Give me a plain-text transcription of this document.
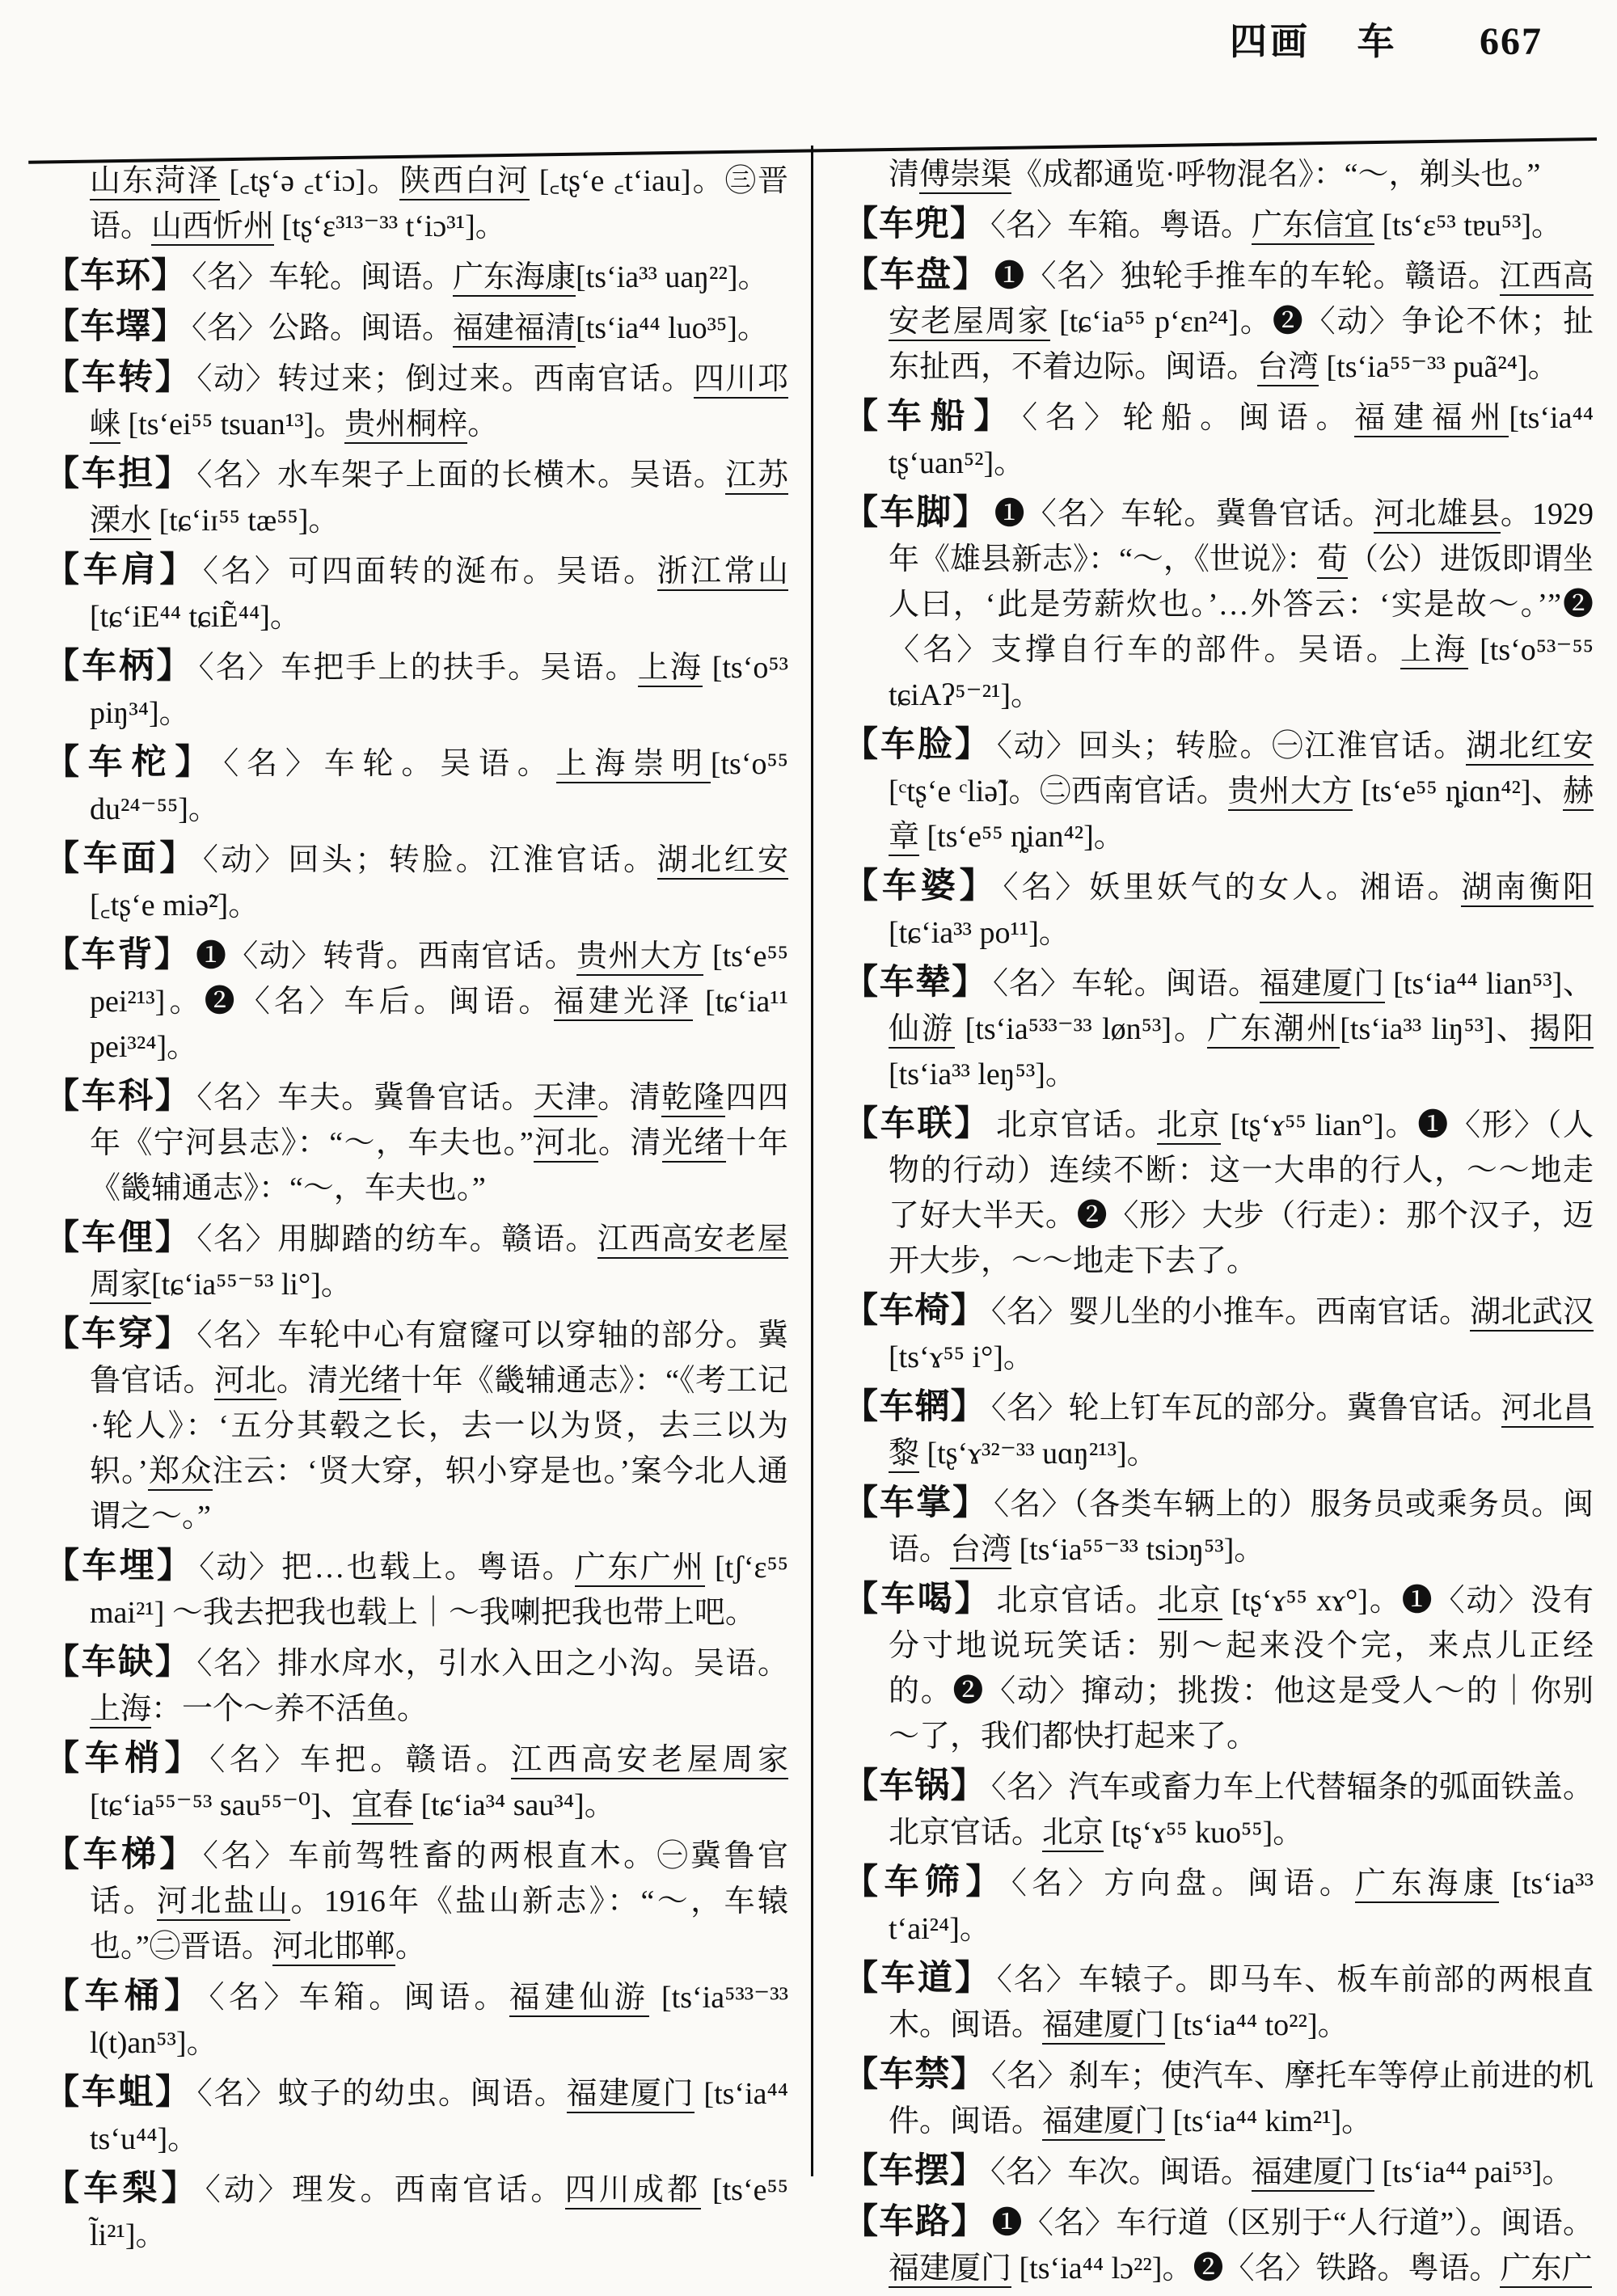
四画 车 667
山东菏泽 [꜀tʂ‘ə ꜀t‘iɔ]。陕西白河 [꜀tʂ‘e ꜀t‘iau]。㊂晋语。山西忻州 [tʂ‘ɛ³¹³⁻³³ t‘iɔ³¹]。
【车环】 〈名〉车轮。闽语。广东海康[ts‘ia³³ uaŋ²²]。
【车墿】 〈名〉公路。闽语。福建福清[ts‘ia⁴⁴ luo³⁵]。
【车转】 〈动〉转过来；倒过来。西南官话。四川邛崃 [ts‘ei⁵⁵ tsuan¹³]。贵州桐梓。
【车担】 〈名〉水车架子上面的长横木。吴语。江苏溧水 [tɕ‘iɪ⁵⁵ tæ⁵⁵]。
【车肩】 〈名〉可四面转的涎布。吴语。浙江常山[tɕ‘iE⁴⁴ tɕiẼ⁴⁴]。
【车柄】 〈名〉车把手上的扶手。吴语。上海 [ts‘o⁵³ piŋ³⁴]。
【车柁】 〈名〉车轮。吴语。上海崇明[ts‘o⁵⁵ du²⁴⁻⁵⁵]。
【车面】 〈动〉回头；转脸。江淮官话。湖北红安 [꜀tʂ‘e miə̃²]。
【车背】 ❶〈动〉转背。西南官话。贵州大方 [ts‘e⁵⁵ pei²¹³]。❷〈名〉车后。闽语。福建光泽 [tɕ‘ia¹¹ pei³²⁴]。
【车科】 〈名〉车夫。冀鲁官话。天津。清乾隆四四年《宁河县志》：“～，车夫也。”河北。清光绪十年《畿辅通志》：“～，车夫也。”
【车俚】 〈名〉用脚踏的纺车。赣语。江西高安老屋周家[tɕ‘ia⁵⁵⁻⁵³ li°]。
【车穿】 〈名〉车轮中心有窟窿可以穿轴的部分。冀鲁官话。河北。清光绪十年《畿辅通志》：“《考工记·轮人》：‘五分其毂之长，去一以为贤，去三以为轵。’郑众注云：‘贤大穿，轵小穿是也。’案今北人通谓之～。”
【车埋】 〈动〉把…也载上。粤语。广东广州 [tʃ‘ɛ⁵⁵ mai²¹] ～我去把我也载上｜～我喇把我也带上吧。
【车缺】 〈名〉排水戽水，引水入田之小沟。吴语。上海：一个～养不活鱼。
【车梢】 〈名〉车把。赣语。江西高安老屋周家 [tɕ‘ia⁵⁵⁻⁵³ sau⁵⁵⁻⁰]、宜春 [tɕ‘ia³⁴ sau³⁴]。
【车梯】 〈名〉车前驾牲畜的两根直木。㊀冀鲁官话。河北盐山。1916年《盐山新志》：“～，车辕也。”㊁晋语。河北邯郸。
【车桶】 〈名〉车箱。闽语。福建仙游 [ts‘ia⁵³³⁻³³ l(t)an⁵³]。
【车蛆】 〈名〉蚊子的幼虫。闽语。福建厦门 [ts‘ia⁴⁴ ts‘u⁴⁴]。
【车梨】 〈动〉理发。西南官话。四川成都 [ts‘e⁵⁵ l̃i²¹]。
清傅崇渠《成都通览·呼物混名》：“～，剃头也。”
【车兜】 〈名〉车箱。粤语。广东信宜 [ts‘ɛ⁵³ tɐu⁵³]。
【车盘】 ❶〈名〉独轮手推车的车轮。赣语。江西高安老屋周家 [tɕ‘ia⁵⁵ p‘ɛn²⁴]。❷〈动〉争论不休；扯东扯西，不着边际。闽语。台湾 [ts‘ia⁵⁵⁻³³ puã²⁴]。
【车船】 〈名〉轮船。闽语。福建福州[ts‘ia⁴⁴ tʂ‘uan⁵²]。
【车脚】 ❶〈名〉车轮。冀鲁官话。河北雄县。1929年《雄县新志》：“～，《世说》：荀（公）进饭即谓坐人曰，‘此是劳薪炊也。’…外答云：‘实是故～。’”❷〈名〉支撑自行车的部件。吴语。上海 [ts‘o⁵³⁻⁵⁵ tɕiAʔ⁵⁻²¹]。
【车脸】 〈动〉回头；转脸。㊀江淮官话。湖北红安[ᶜtʂ‘e ᶜliə̃]。㊁西南官话。贵州大方 [ts‘e⁵⁵ ȵiɑn⁴²]、赫章 [ts‘e⁵⁵ ȵian⁴²]。
【车婆】 〈名〉妖里妖气的女人。湘语。湖南衡阳 [tɕ‘ia³³ po¹¹]。
【车辇】 〈名〉车轮。闽语。福建厦门 [ts‘ia⁴⁴ lian⁵³]、仙游 [ts‘ia⁵³³⁻³³ løn⁵³]。广东潮州[ts‘ia³³ liŋ⁵³]、揭阳 [ts‘ia³³ leŋ⁵³]。
【车联】 北京官话。北京 [tʂ‘ɤ⁵⁵ lian°]。❶〈形〉（人物的行动）连续不断：这一大串的行人，～～地走了好大半天。❷〈形〉大步（行走）：那个汉子，迈开大步，～～地走下去了。
【车椅】 〈名〉婴儿坐的小推车。西南官话。湖北武汉 [ts‘ɤ⁵⁵ i°]。
【车辋】 〈名〉轮上钉车瓦的部分。冀鲁官话。河北昌黎 [tʂ‘ɤ³²⁻³³ uɑŋ²¹³]。
【车掌】 〈名〉（各类车辆上的）服务员或乘务员。闽语。台湾 [ts‘ia⁵⁵⁻³³ tsiɔŋ⁵³]。
【车喝】 北京官话。北京 [tʂ‘ɤ⁵⁵ xɤ°]。❶〈动〉没有分寸地说玩笑话：别～起来没个完，来点儿正经的。❷〈动〉撺动；挑拨：他这是受人～的｜你别～了，我们都快打起来了。
【车锅】 〈名〉汽车或畜力车上代替辐条的弧面铁盖。北京官话。北京 [tʂ‘ɤ⁵⁵ kuo⁵⁵]。
【车筛】 〈名〉方向盘。闽语。广东海康 [ts‘ia³³ t‘ai²⁴]。
【车道】 〈名〉车辕子。即马车、板车前部的两根直木。闽语。福建厦门 [ts‘ia⁴⁴ to²²]。
【车禁】 〈名〉刹车；使汽车、摩托车等停止前进的机件。闽语。福建厦门 [ts‘ia⁴⁴ kim²¹]。
【车摆】 〈名〉车次。闽语。福建厦门 [ts‘ia⁴⁴ pai⁵³]。
【车路】 ❶〈名〉车行道（区别于“人行道”）。闽语。福建厦门 [ts‘ia⁴⁴ lɔ²²]。❷〈名〉铁路。粤语。广东广
